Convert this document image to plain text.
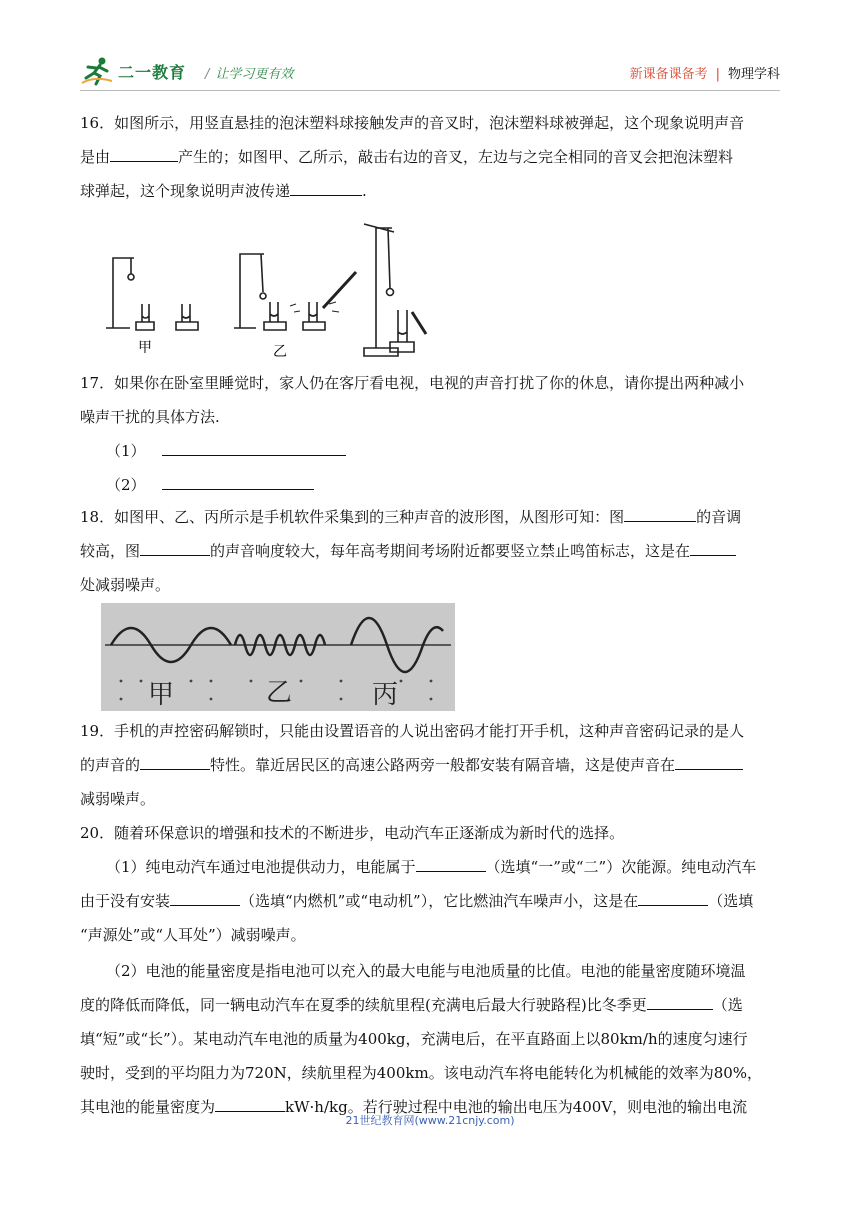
二一教育 / 让学习更有效	新课备课备考 | 物理学科
16．如图所示，用竖直悬挂的泡沫塑料球接触发声的音叉时，泡沫塑料球被弹起，这个现象说明声音
是由	产生的；如图甲、乙所示，敲击右边的音叉，左边与之完全相同的音叉会把泡沫塑料
球弹起，这个现象说明声波传递	.
甲	乙
17．如果你在卧室里睡觉时，家人仍在客厅看电视，电视的声音打扰了你的休息，请你提出两种减小
噪声干扰的具体方法.
（1）
（2）
18．如图甲、乙、丙所示是手机软件采集到的三种声音的波形图，从图形可知：图	的音调
较高，图	的声音响度较大，每年高考期间考场附近都要竖立禁止鸣笛标志，这是在
处减弱噪声。
甲	乙	丙
19．手机的声控密码解锁时，只能由设置语音的人说出密码才能打开手机，这种声音密码记录的是人
的声音的	特性。靠近居民区的高速公路两旁一般都安装有隔音墙，这是使声音在
减弱噪声。
20．随着环保意识的增强和技术的不断进步，电动汽车正逐渐成为新时代的选择。
（1）纯电动汽车通过电池提供动力，电能属于	（选填“一”或“二”）次能源。纯电动汽车
由于没有安装	（选填“内燃机”或“电动机”），它比燃油汽车噪声小，这是在	（选填
“声源处”或“人耳处”）减弱噪声。
（2）电池的能量密度是指电池可以充入的最大电能与电池质量的比值。电池的能量密度随环境温
度的降低而降低，同一辆电动汽车在夏季的续航里程(充满电后最大行驶路程)比冬季更	（选
填“短”或“长”）。某电动汽车电池的质量为400kg，充满电后，在平直路面上以80km/h的速度匀速行
驶时，受到的平均阻力为720N，续航里程为400km。该电动汽车将电能转化为机械能的效率为80%，
其电池的能量密度为	kW·h/kg。若行驶过程中电池的输出电压为400V，则电池的输出电流
21世纪教育网(www.21cnjy.com)
